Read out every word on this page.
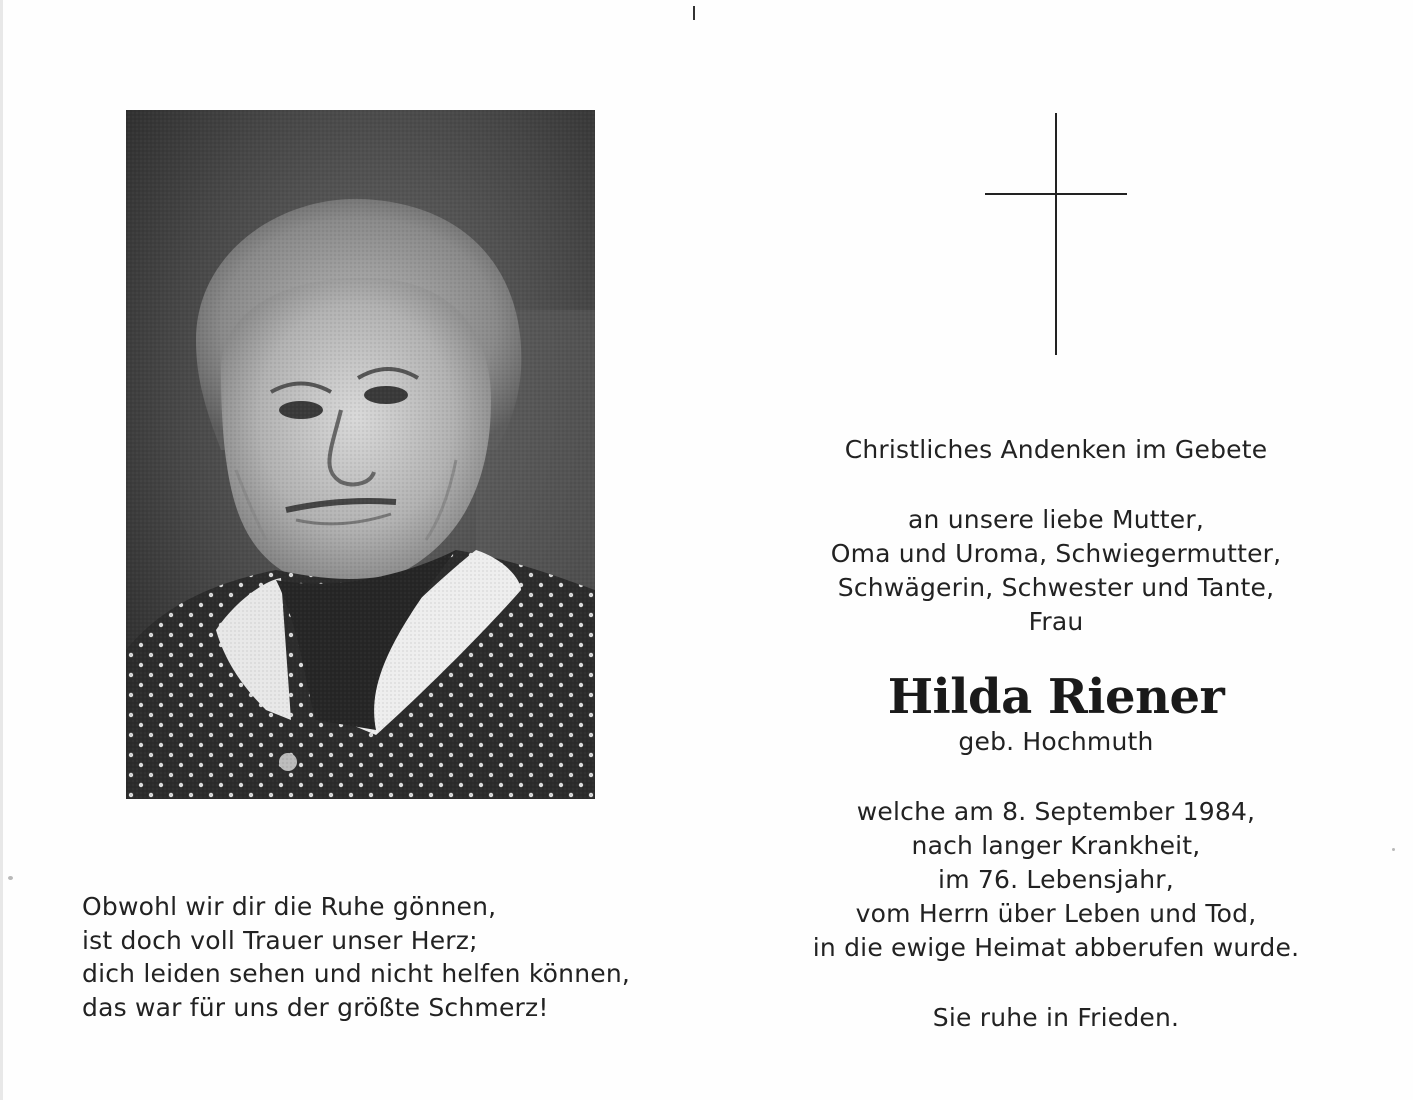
Obwohl wir dir die Ruhe gönnen,
ist doch voll Trauer unser Herz;
dich leiden sehen und nicht helfen können,
das war für uns der größte Schmerz!
Christliches Andenken im Gebete
an unsere liebe Mutter,
Oma und Uroma, Schwiegermutter,
Schwägerin, Schwester und Tante,
Frau
Hilda Riener
geb. Hochmuth
welche am 8. September 1984,
nach langer Krankheit,
im 76. Lebensjahr,
vom Herrn über Leben und Tod,
in die ewige Heimat abberufen wurde.
Sie ruhe in Frieden.
